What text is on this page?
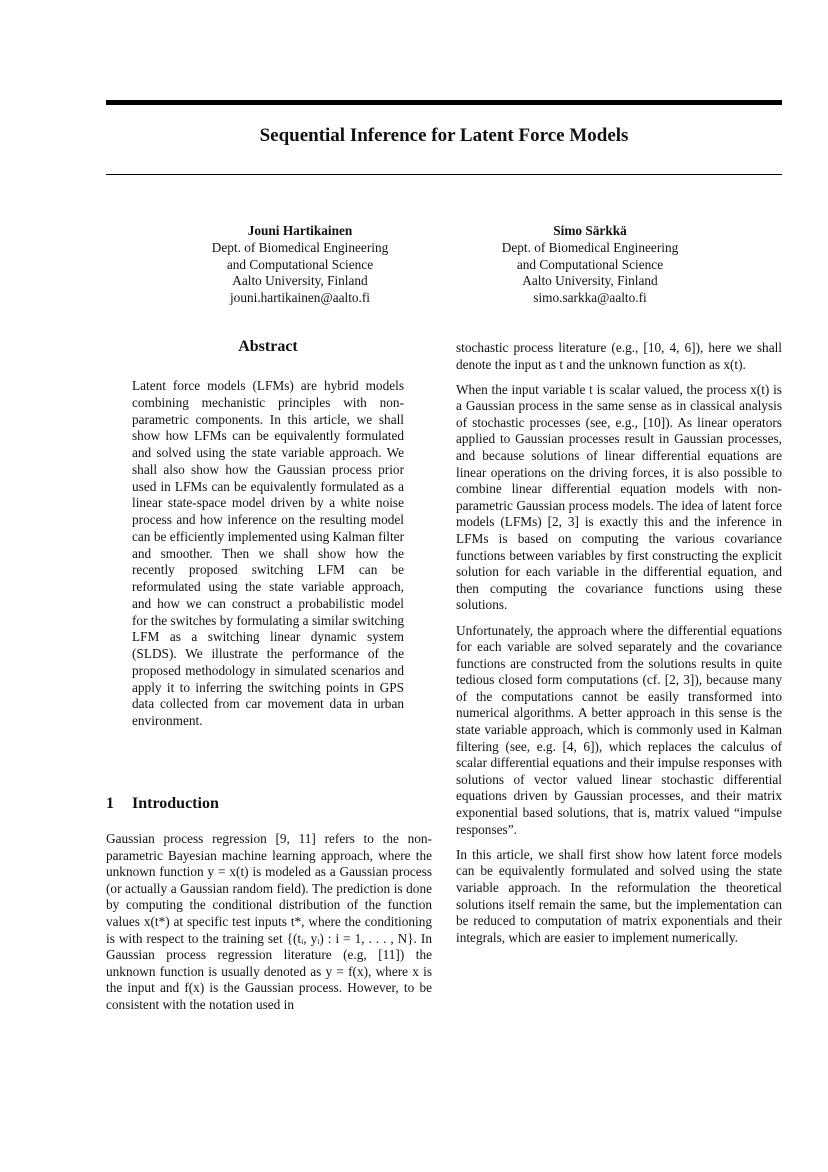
Sequential Inference for Latent Force Models
Jouni Hartikainen
Dept. of Biomedical Engineering
and Computational Science
Aalto University, Finland
jouni.hartikainen@aalto.fi
Simo Särkkä
Dept. of Biomedical Engineering
and Computational Science
Aalto University, Finland
simo.sarkka@aalto.fi
Abstract

Latent force models (LFMs) are hybrid models combining mechanistic principles with non-parametric components. In this article, we shall show how LFMs can be equivalently formulated and solved using the state variable approach. We shall also show how the Gaussian process prior used in LFMs can be equivalently formulated as a linear state-space model driven by a white noise process and how inference on the resulting model can be efficiently implemented using Kalman filter and smoother. Then we shall show how the recently proposed switching LFM can be reformulated using the state variable approach, and how we can construct a probabilistic model for the switches by formulating a similar switching LFM as a switching linear dynamic system (SLDS). We illustrate the performance of the proposed methodology in simulated scenarios and apply it to inferring the switching points in GPS data collected from car movement data in urban environment.

1 Introduction

Gaussian process regression [9, 11] refers to the non-parametric Bayesian machine learning approach, where the unknown function y = x(t) is modeled as a Gaussian process (or actually a Gaussian random field). The prediction is done by computing the conditional distribution of the function values x(t*) at specific test inputs t*, where the conditioning is with respect to the training set {(tᵢ, yᵢ) : i = 1, . . . , N}. In Gaussian process regression literature (e.g, [11]) the unknown function is usually denoted as y = f(x), where x is the input and f(x) is the Gaussian process. However, to be consistent with the notation used in

stochastic process literature (e.g., [10, 4, 6]), here we shall denote the input as t and the unknown function as x(t).

When the input variable t is scalar valued, the process x(t) is a Gaussian process in the same sense as in classical analysis of stochastic processes (see, e.g., [10]). As linear operators applied to Gaussian processes result in Gaussian processes, and because solutions of linear differential equations are linear operations on the driving forces, it is also possible to combine linear differential equation models with non-parametric Gaussian process models. The idea of latent force models (LFMs) [2, 3] is exactly this and the inference in LFMs is based on computing the various covariance functions between variables by first constructing the explicit solution for each variable in the differential equation, and then computing the covariance functions using these solutions.

Unfortunately, the approach where the differential equations for each variable are solved separately and the covariance functions are constructed from the solutions results in quite tedious closed form computations (cf. [2, 3]), because many of the computations cannot be easily transformed into numerical algorithms. A better approach in this sense is the state variable approach, which is commonly used in Kalman filtering (see, e.g. [4, 6]), which replaces the calculus of scalar differential equations and their impulse responses with solutions of vector valued linear stochastic differential equations driven by Gaussian processes, and their matrix exponential based solutions, that is, matrix valued “impulse responses”.

In this article, we shall first show how latent force models can be equivalently formulated and solved using the state variable approach. In the reformulation the theoretical solutions itself remain the same, but the implementation can be reduced to computation of matrix exponentials and their integrals, which are easier to implement numerically.
